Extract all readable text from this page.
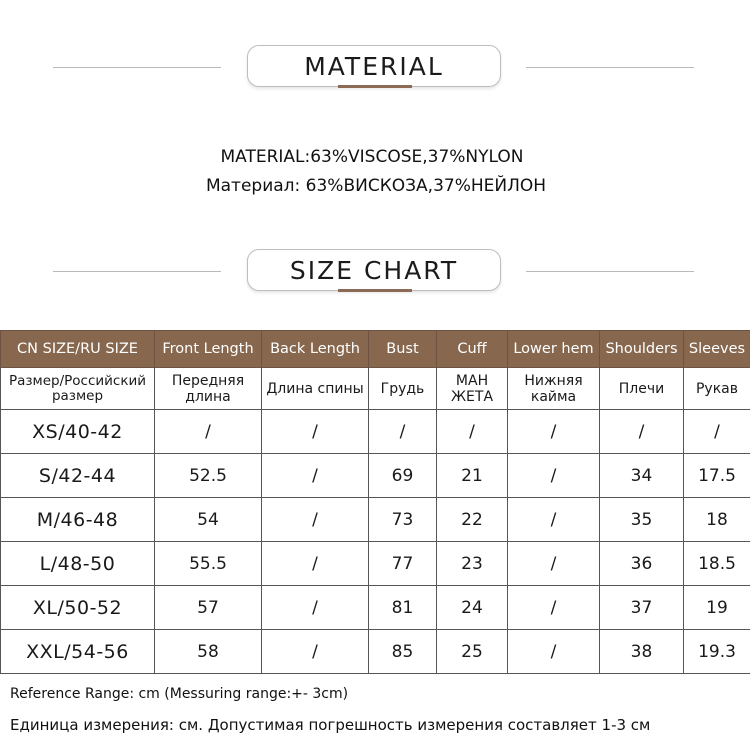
MATERIAL
MATERIAL:63%VISCOSE,37%NYLON
Материал: 63%ВИСКОЗА,37%НЕЙЛОН
SIZE CHART
CN SIZE/RU SIZE	Front Length	Back Length	Bust	Cuff	Lower hem	Shoulders	Sleeves
Размер/Российский размер	Передняя длина	Длина спины	Грудь	МАН ЖЕТА	Нижняя кайма	Плечи	Рукав
XS/40-42	/	/	/	/	/	/	/
S/42-44	52.5	/	69	21	/	34	17.5
M/46-48	54	/	73	22	/	35	18
L/48-50	55.5	/	77	23	/	36	18.5
XL/50-52	57	/	81	24	/	37	19
XXL/54-56	58	/	85	25	/	38	19.3
Reference Range: cm (Messuring range:+- 3cm)
Единица измерения: см. Допустимая погрешность измерения составляет 1-3 см
